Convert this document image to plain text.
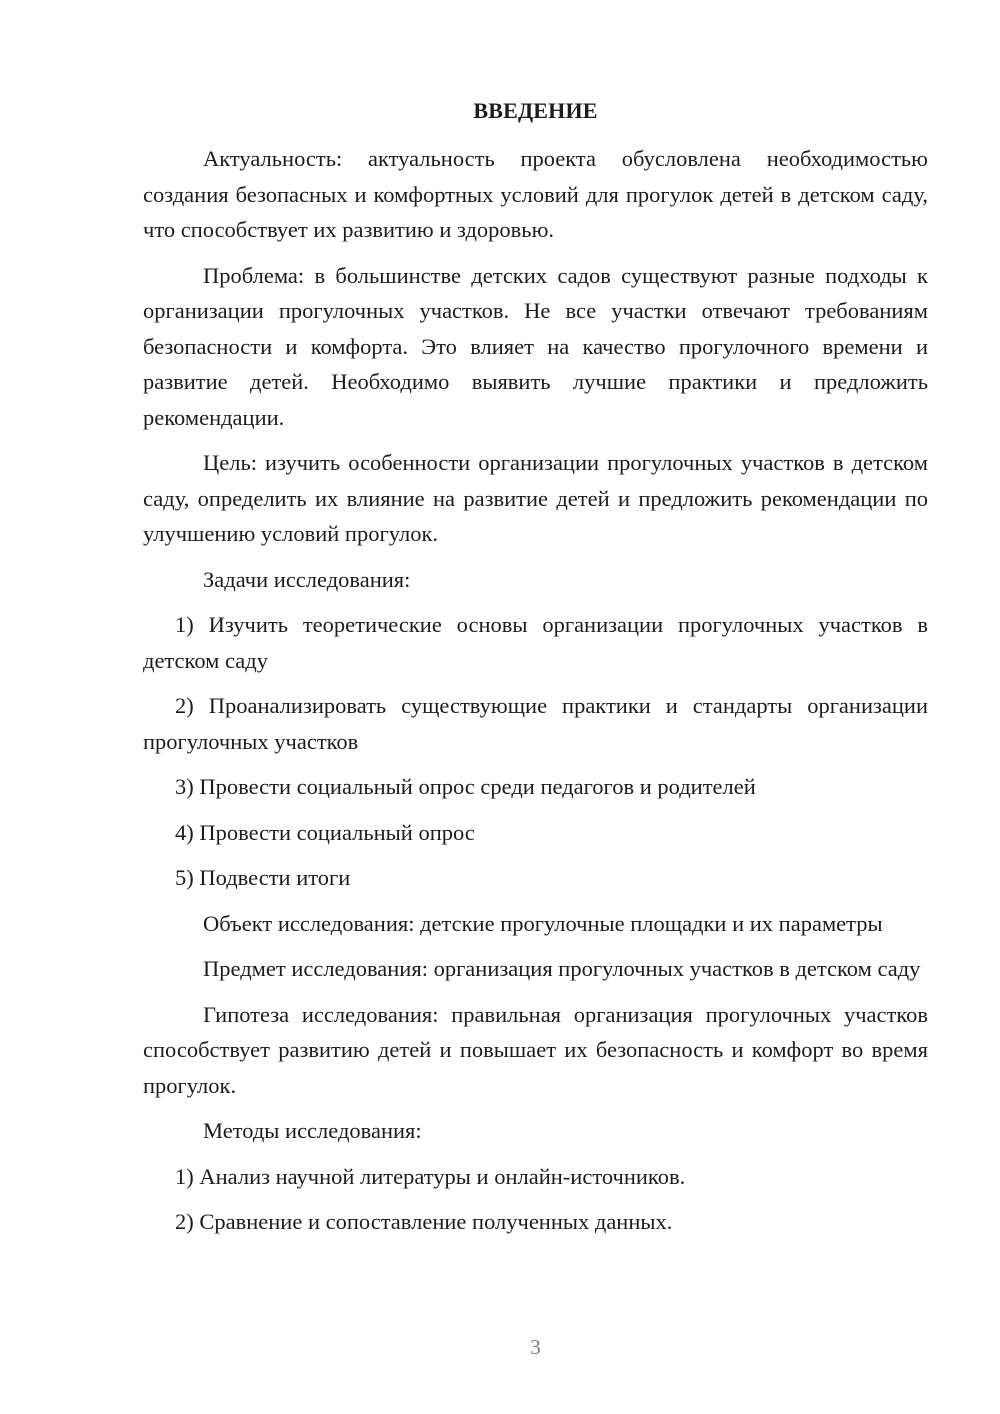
ВВЕДЕНИЕ

Актуальность: актуальность проекта обусловлена необходимостью создания безопасных и комфортных условий для прогулок детей в детском саду, что способствует их развитию и здоровью.

Проблема: в большинстве детских садов существуют разные подходы к организации прогулочных участков. Не все участки отвечают требованиям безопасности и комфорта. Это влияет на качество прогулочного времени и развитие детей. Необходимо выявить лучшие практики и предложить рекомендации.

Цель: изучить особенности организации прогулочных участков в детском саду, определить их влияние на развитие детей и предложить рекомендации по улучшению условий прогулок.

Задачи исследования:

1) Изучить теоретические основы организации прогулочных участков в детском саду

2) Проанализировать существующие практики и стандарты организации прогулочных участков

3) Провести социальный опрос среди педагогов и родителей

4) Провести социальный опрос

5) Подвести итоги

Объект исследования: детские прогулочные площадки и их параметры

Предмет исследования: организация прогулочных участков в детском саду

Гипотеза исследования: правильная организация прогулочных участков способствует развитию детей и повышает их безопасность и комфорт во время прогулок.

Методы исследования:

1) Анализ научной литературы и онлайн-источников.

2) Сравнение и сопоставление полученных данных.

3
